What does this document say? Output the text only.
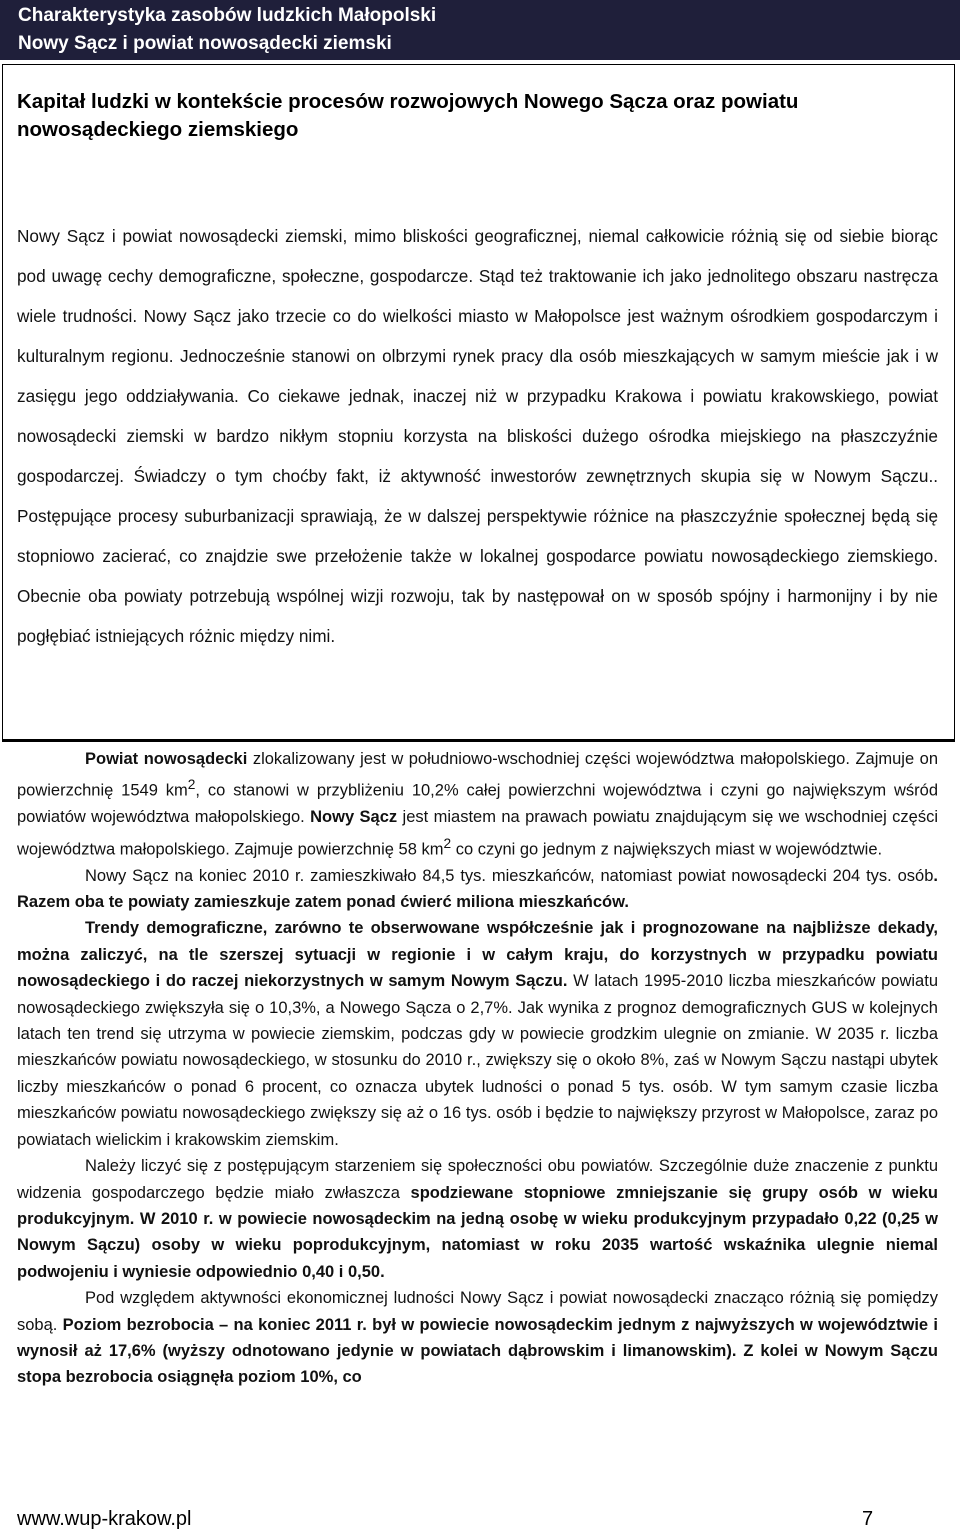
Charakterystyka zasobów ludzkich Małopolski
Nowy Sącz i powiat nowosądecki ziemski
Kapitał ludzki w kontekście procesów rozwojowych Nowego Sącza oraz powiatu nowosądeckiego ziemskiego

Nowy Sącz i powiat nowosądecki ziemski, mimo bliskości geograficznej, niemal całkowicie różnią się od siebie biorąc pod uwagę cechy demograficzne, społeczne, gospodarcze. Stąd też traktowanie ich jako jednolitego obszaru nastręcza wiele trudności. Nowy Sącz jako trzecie co do wielkości miasto w Małopolsce jest ważnym ośrodkiem gospodarczym i kulturalnym regionu. Jednocześnie stanowi on olbrzymi rynek pracy dla osób mieszkających w samym mieście jak i w zasięgu jego oddziaływania. Co ciekawe jednak, inaczej niż w przypadku Krakowa i powiatu krakowskiego, powiat nowosądecki ziemski w bardzo nikłym stopniu korzysta na bliskości dużego ośrodka miejskiego na płaszczyźnie gospodarczej. Świadczy o tym choćby fakt, iż aktywność inwestorów zewnętrznych skupia się w Nowym Sączu.. Postępujące procesy suburbanizacji sprawiają, że w dalszej perspektywie różnice na płaszczyźnie społecznej będą się stopniowo zacierać, co znajdzie swe przełożenie także w lokalnej gospodarce powiatu nowosądeckiego ziemskiego. Obecnie oba powiaty potrzebują wspólnej wizji rozwoju, tak by następował on w sposób spójny i harmonijny i by nie pogłębiać istniejących różnic między nimi.

Powiat nowosądecki zlokalizowany jest w południowo-wschodniej części województwa małopolskiego. Zajmuje on powierzchnię 1549 $km^2$, co stanowi w przybliżeniu 10,2% całej powierzchni województwa i czyni go największym wśród powiatów województwa małopolskiego. Nowy Sącz jest miastem na prawach powiatu znajdującym się we wschodniej części województwa małopolskiego. Zajmuje powierzchnię 58 $km^2$ co czyni go jednym z największych miast w województwie.

Nowy Sącz na koniec 2010 r. zamieszkiwało 84,5 tys. mieszkańców, natomiast powiat nowosądecki 204 tys. osób. Razem oba te powiaty zamieszkuje zatem ponad ćwierć miliona mieszkańców.

Trendy demograficzne, zarówno te obserwowane współcześnie jak i prognozowane na najbliższe dekady, można zaliczyć, na tle szerszej sytuacji w regionie i w całym kraju, do korzystnych w przypadku powiatu nowosądeckiego i do raczej niekorzystnych w samym Nowym Sączu. W latach 1995-2010 liczba mieszkańców powiatu nowosądeckiego zwiększyła się o 10,3%, a Nowego Sącza o 2,7%. Jak wynika z prognoz demograficznych GUS w kolejnych latach ten trend się utrzyma w powiecie ziemskim, podczas gdy w powiecie grodzkim ulegnie on zmianie. W 2035 r. liczba mieszkańców powiatu nowosądeckiego, w stosunku do 2010 r., zwiększy się o około 8%, zaś w Nowym Sączu nastąpi ubytek liczby mieszkańców o ponad 6 procent, co oznacza ubytek ludności o ponad 5 tys. osób. W tym samym czasie liczba mieszkańców powiatu nowosądeckiego zwiększy się aż o 16 tys. osób i będzie to największy przyrost w Małopolsce, zaraz po powiatach wielickim i krakowskim ziemskim.

Należy liczyć się z postępującym starzeniem się społeczności obu powiatów. Szczególnie duże znaczenie z punktu widzenia gospodarczego będzie miało zwłaszcza spodziewane stopniowe zmniejszanie się grupy osób w wieku produkcyjnym. W 2010 r. w powiecie nowosądeckim na jedną osobę w wieku produkcyjnym przypadało 0,22 (0,25 w Nowym Sączu) osoby w wieku poprodukcyjnym, natomiast w roku 2035 wartość wskaźnika ulegnie niemal podwojeniu i wyniesie odpowiednio 0,40 i 0,50.

Pod względem aktywności ekonomicznej ludności Nowy Sącz i powiat nowosądecki znacząco różnią się pomiędzy sobą. Poziom bezrobocia – na koniec 2011 r. był w powiecie nowosądeckim jednym z najwyższych w województwie i wynosił aż 17,6% (wyższy odnotowano jedynie w powiatach dąbrowskim i limanowskim). Z kolei w Nowym Sączu stopa bezrobocia osiągnęła poziom 10%, co

www.wup-krakow.pl	7
